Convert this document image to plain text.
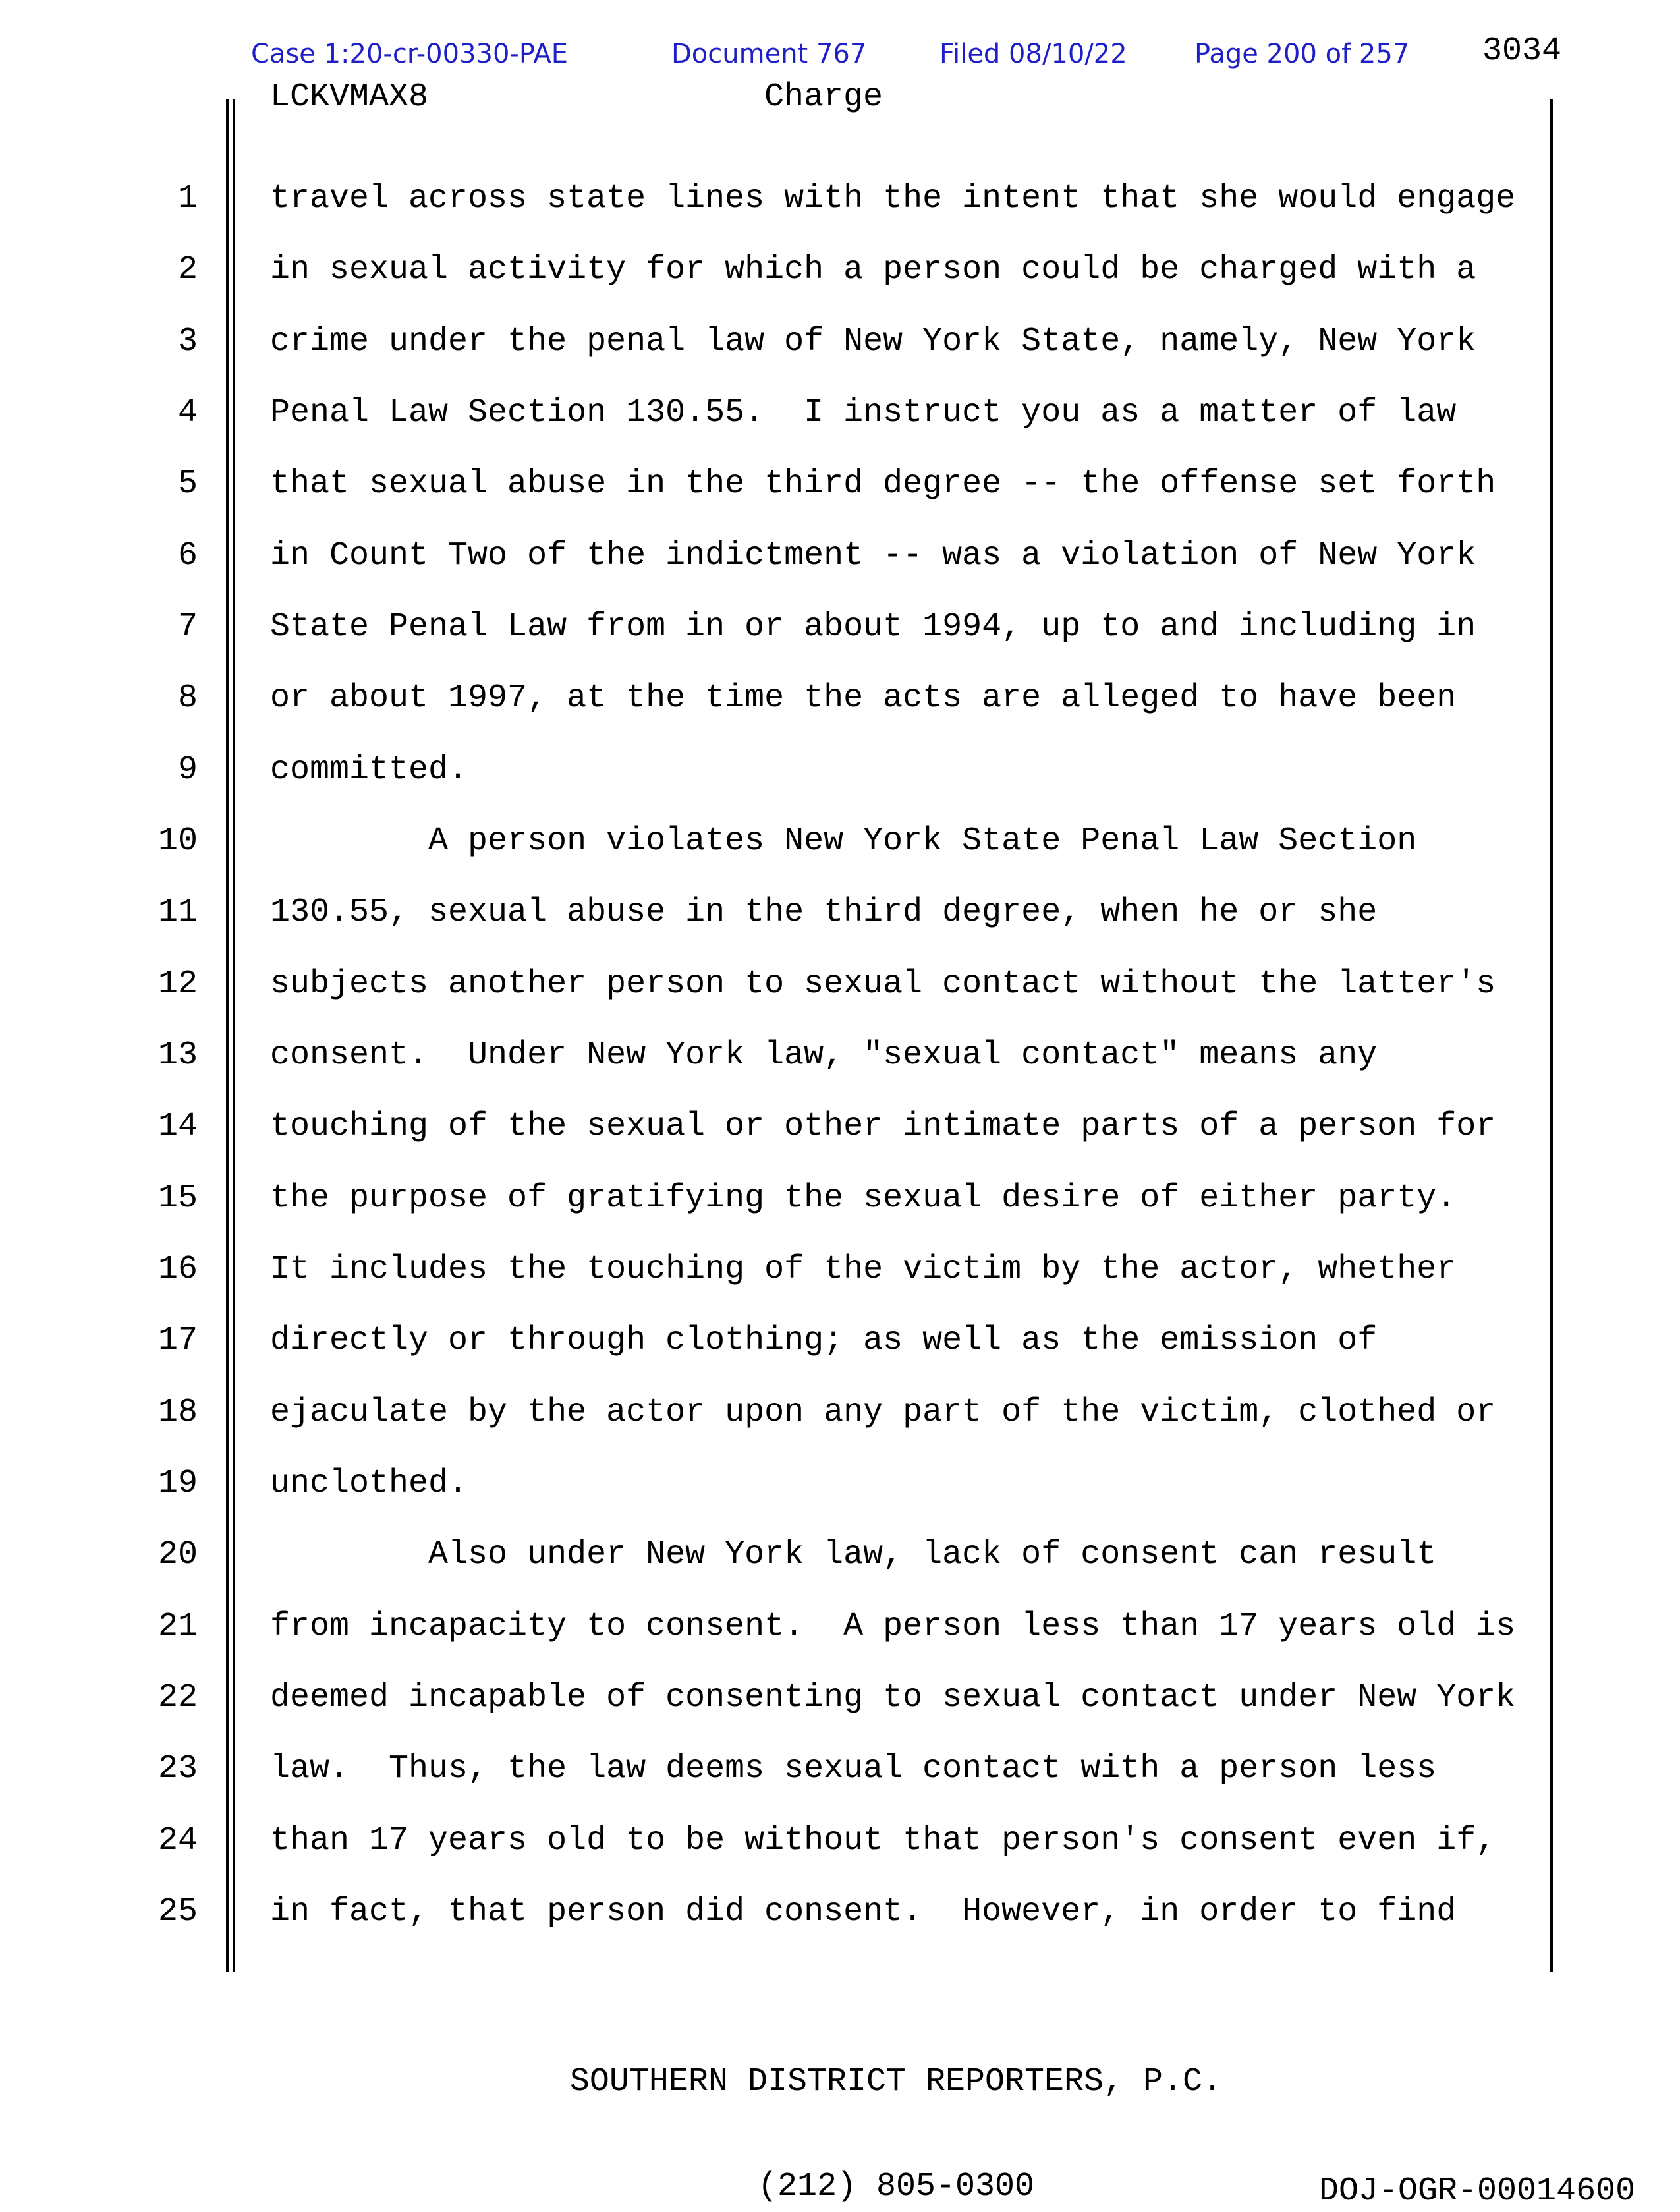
Case 1:20-cr-00330-PAE	Document 767	Filed 08/10/22	Page 200 of 257 3034
LCKVMAX8	Charge
1 travel across state lines with the intent that she would engage
2 in sexual activity for which a person could be charged with a
3 crime under the penal law of New York State, namely, New York
4 Penal Law Section 130.55.  I instruct you as a matter of law
5 that sexual abuse in the third degree -- the offense set forth
6 in Count Two of the indictment -- was a violation of New York
7 State Penal Law from in or about 1994, up to and including in
8 or about 1997, at the time the acts are alleged to have been
9 committed.
10 A person violates New York State Penal Law Section
11 130.55, sexual abuse in the third degree, when he or she
12 subjects another person to sexual contact without the latter's
13 consent.  Under New York law, "sexual contact" means any
14 touching of the sexual or other intimate parts of a person for
15 the purpose of gratifying the sexual desire of either party.
16 It includes the touching of the victim by the actor, whether
17 directly or through clothing; as well as the emission of
18 ejaculate by the actor upon any part of the victim, clothed or
19 unclothed.
20 Also under New York law, lack of consent can result
21 from incapacity to consent.  A person less than 17 years old is
22 deemed incapable of consenting to sexual contact under New York
23 law.  Thus, the law deems sexual contact with a person less
24 than 17 years old to be without that person's consent even if,
25 in fact, that person did consent.  However, in order to find

SOUTHERN DISTRICT REPORTERS, P.C.

(212) 805-0300

	DOJ-OGR-00014600
